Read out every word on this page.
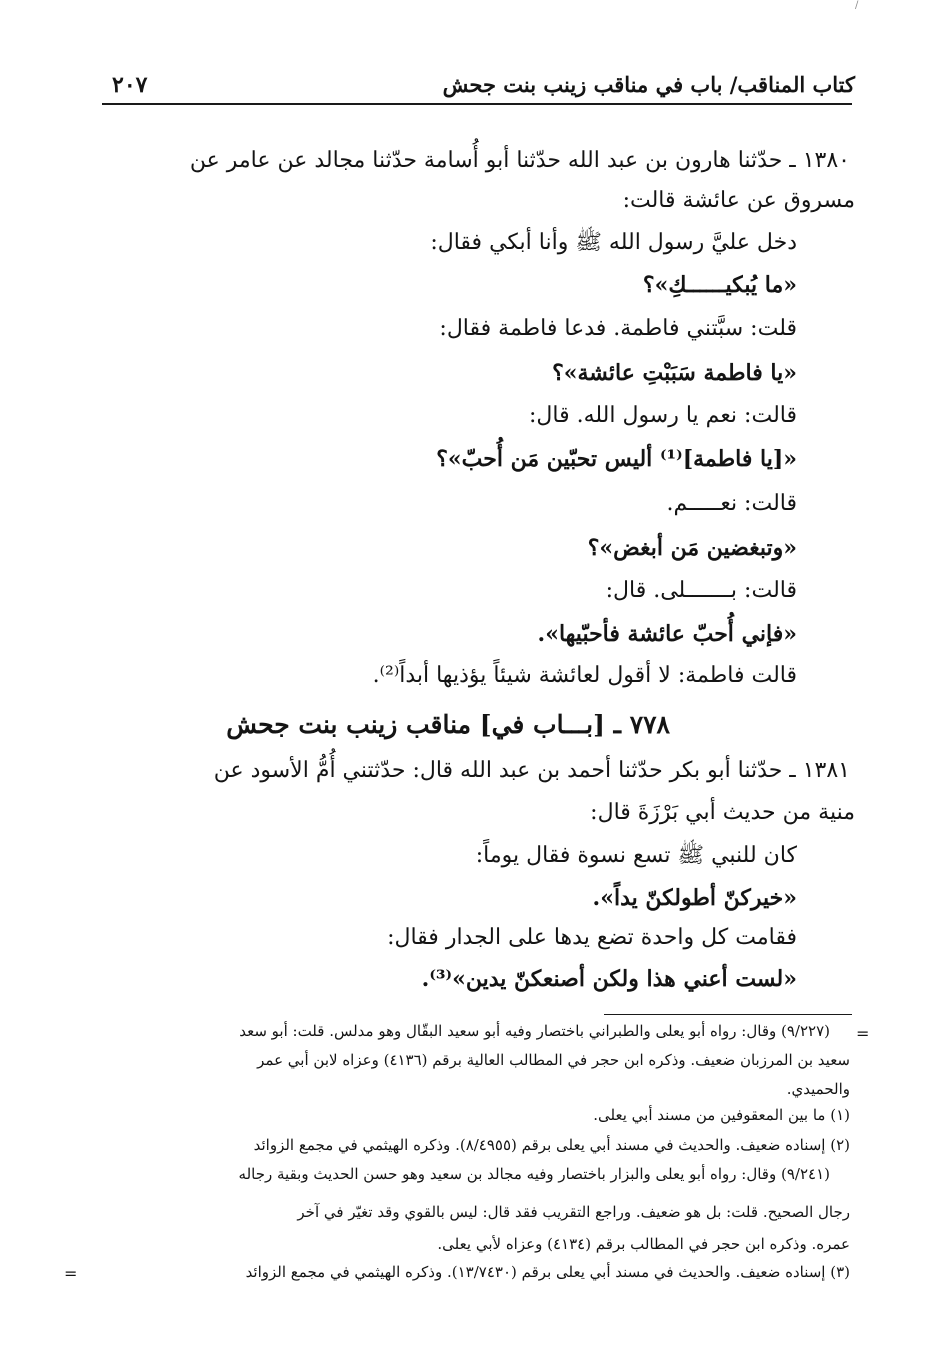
/
كتاب المناقب/ باب في مناقب زينب بنت جحش
٢٠٧
١٣٨٠ ـ حدّثنا هارون بن عبد الله حدّثنا أبو أُسامة حدّثنا مجالد عن عامر عن
مسروق عن عائشة قالت:
دخل عليَّ رسول الله ﷺ وأنا أبكي فقال:
«ما يُبكيــــــكِ»؟
قلت: سبَّتني فاطمة. فدعا فاطمة فقال:
«يا فاطمة سَبَبْتِ عائشة»؟
قالت: نعم يا رسول الله. قال:
«[يا فاطمة]⁽¹⁾ أليس تحبّين مَن أُحبّ»؟
قالت: نعـــــم.
«وتبغضين مَن أبغض»؟
قالت: بـــــــلى. قال:
«فإني أُحبّ عائشة فأحبّيها».
قالت فاطمة: لا أقول لعائشة شيئاً يؤذيها أبداً⁽²⁾.
٧٧٨ ـ [بـــاب في] مناقب زينب بنت جحش
١٣٨١ ـ حدّثنا أبو بكر حدّثنا أحمد بن عبد الله قال: حدّثتني أُمُّ الأسود عن
منية من حديث أبي بَرْزَةَ قال:
كان للنبي ﷺ تسع نسوة فقال يوماً:
«خيركنّ أطولكنّ يداً».
فقامت كل واحدة تضع يدها على الجدار فقال:
«لست أعني هذا ولكن أصنعكنّ يدين»⁽³⁾.
=
(٩/٢٢٧) وقال: رواه أبو يعلى والطبراني باختصار وفيه أبو سعيد البقّال وهو مدلس. قلت: أبو سعد
سعيد بن المرزبان ضعيف. وذكره ابن حجر في المطالب العالية برقم (٤١٣٦) وعزاه لابن أبي عمر
والحميدي.
(١) ما بين المعقوفين من مسند أبي يعلى.
(٢) إسناده ضعيف. والحديث في مسند أبي يعلى برقم (٨/٤٩٥٥). وذكره الهيثمي في مجمع الزوائد
(٩/٢٤١) وقال: رواه أبو يعلى والبزار باختصار وفيه مجالد بن سعيد وهو حسن الحديث وبقية رجاله
رجال الصحيح. قلت: بل هو ضعيف. وراجع التقريب فقد قال: ليس بالقوي وقد تغيّر في آخر
عمره. وذكره ابن حجر في المطالب برقم (٤١٣٤) وعزاه لأبي يعلى.
(٣) إسناده ضعيف. والحديث في مسند أبي يعلى برقم (١٣/٧٤٣٠). وذكره الهيثمي في مجمع الزوائد
=
